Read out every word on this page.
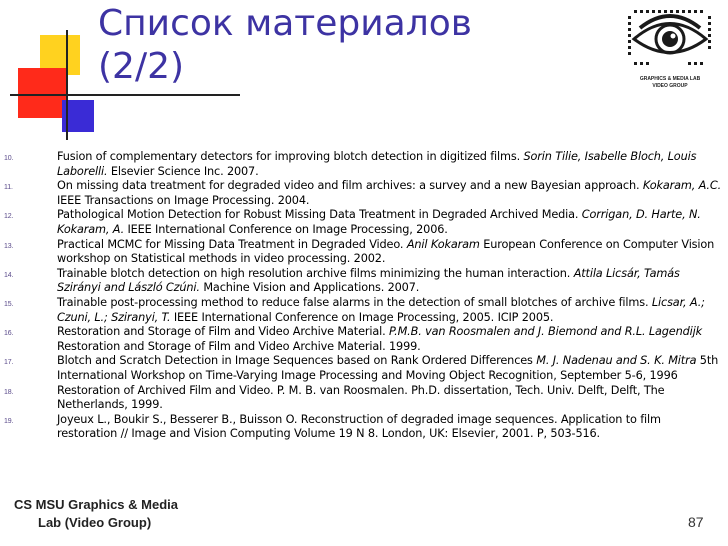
Список материалов
(2/2)	GRAPHICS & MEDIA LAB
VIDEO GROUP
10.	Fusion of complementary detectors for improving blotch detection in digitized films. Sorin Tilie, Isabelle Bloch, Louis Laborelli. Elsevier Science Inc. 2007.
11.	On missing data treatment for degraded video and film archives: a survey and a new Bayesian approach. Kokaram, A.C. IEEE Transactions on Image Processing. 2004.
12.	Pathological Motion Detection for Robust Missing Data Treatment in Degraded Archived Media. Corrigan, D. Harte, N. Kokaram, A. IEEE International Conference on Image Processing, 2006.
13.	Practical MCMC for Missing Data Treatment in Degraded Video. Anil Kokaram European Conference on Computer Vision workshop on Statistical methods in video processing. 2002.
14.	Trainable blotch detection on high resolution archive films minimizing the human interaction. Attila Licsár, Tamás Szirányi and László Czúni. Machine Vision and Applications. 2007.
15.	Trainable post-processing method to reduce false alarms in the detection of small blotches of archive films. Licsar, A.; Czuni, L.; Sziranyi, T. IEEE International Conference on Image Processing, 2005. ICIP 2005.
16.	Restoration and Storage of Film and Video Archive Material. P.M.B. van Roosmalen and J. Biemond and R.L. Lagendijk Restoration and Storage of Film and Video Archive Material. 1999.
17.	Blotch and Scratch Detection in Image Sequences based on Rank Ordered Differences M. J. Nadenau and S. K. Mitra 5th International Workshop on Time-Varying Image Processing and Moving Object Recognition, September 5-6, 1996
18.	Restoration of Archived Film and Video. P. M. B. van Roosmalen. Ph.D. dissertation, Tech. Univ. Delft, Delft, The Netherlands, 1999.
19.	Joyeux L., Boukir S., Besserer B., Buisson O. Reconstruction of degraded image sequences. Application to film restoration // Image and Vision Computing Volume 19 N 8. London, UK: Elsevier, 2001. P, 503-516.
CS MSU Graphics & Media
Lab (Video Group)	87
